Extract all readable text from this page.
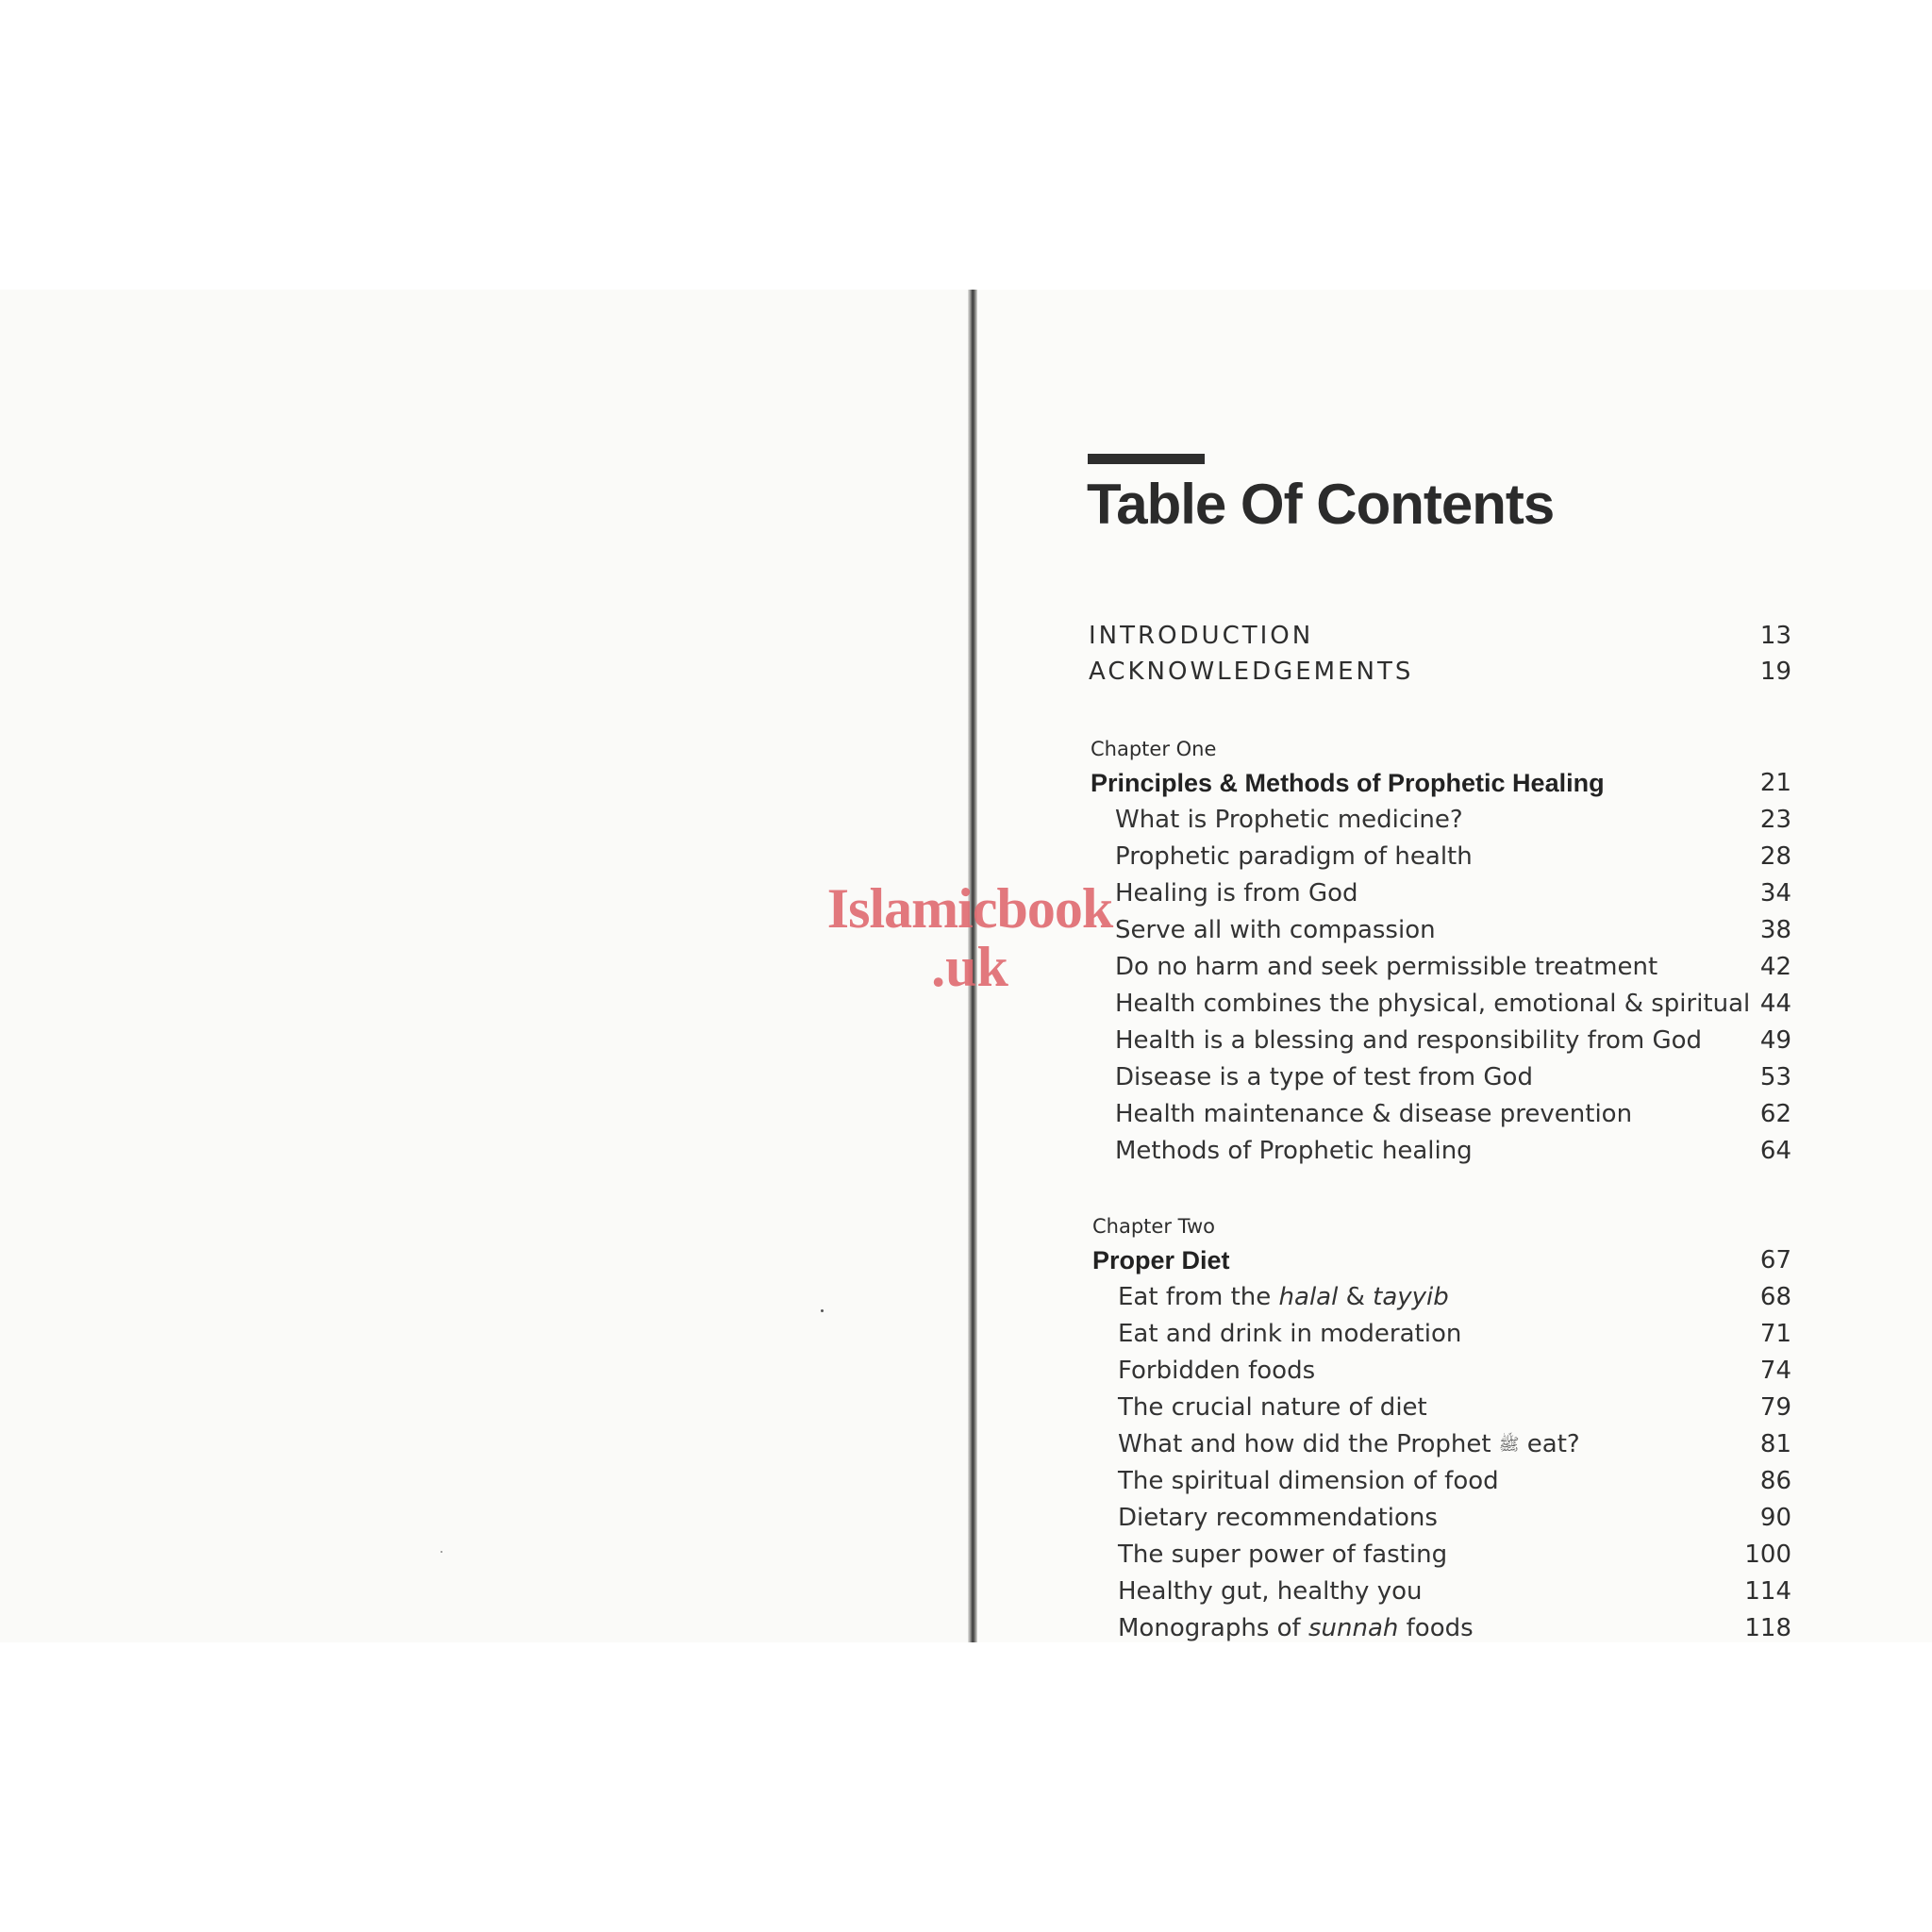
Table Of Contents
INTRODUCTION	13
ACKNOWLEDGEMENTS	19
Chapter One
Principles & Methods of Prophetic Healing	21
What is Prophetic medicine?	23
Prophetic paradigm of health	28
Healing is from God	34
Serve all with compassion	38
Do no harm and seek permissible treatment	42
Health combines the physical, emotional & spiritual 44
Health is a blessing and responsibility from God 49
Disease is a type of test from God	53
Health maintenance & disease prevention	62
Methods of Prophetic healing	64
Chapter Two
Proper Diet	67
Eat from the halal & tayyib	68
Eat and drink in moderation	71
Forbidden foods	74
The crucial nature of diet	79
What and how did the Prophet ﷺ eat?	81
The spiritual dimension of food	86
Dietary recommendations	90
The super power of fasting	100
Healthy gut, healthy you	114
Monographs of sunnah foods	118
Islamicbook
.uk
